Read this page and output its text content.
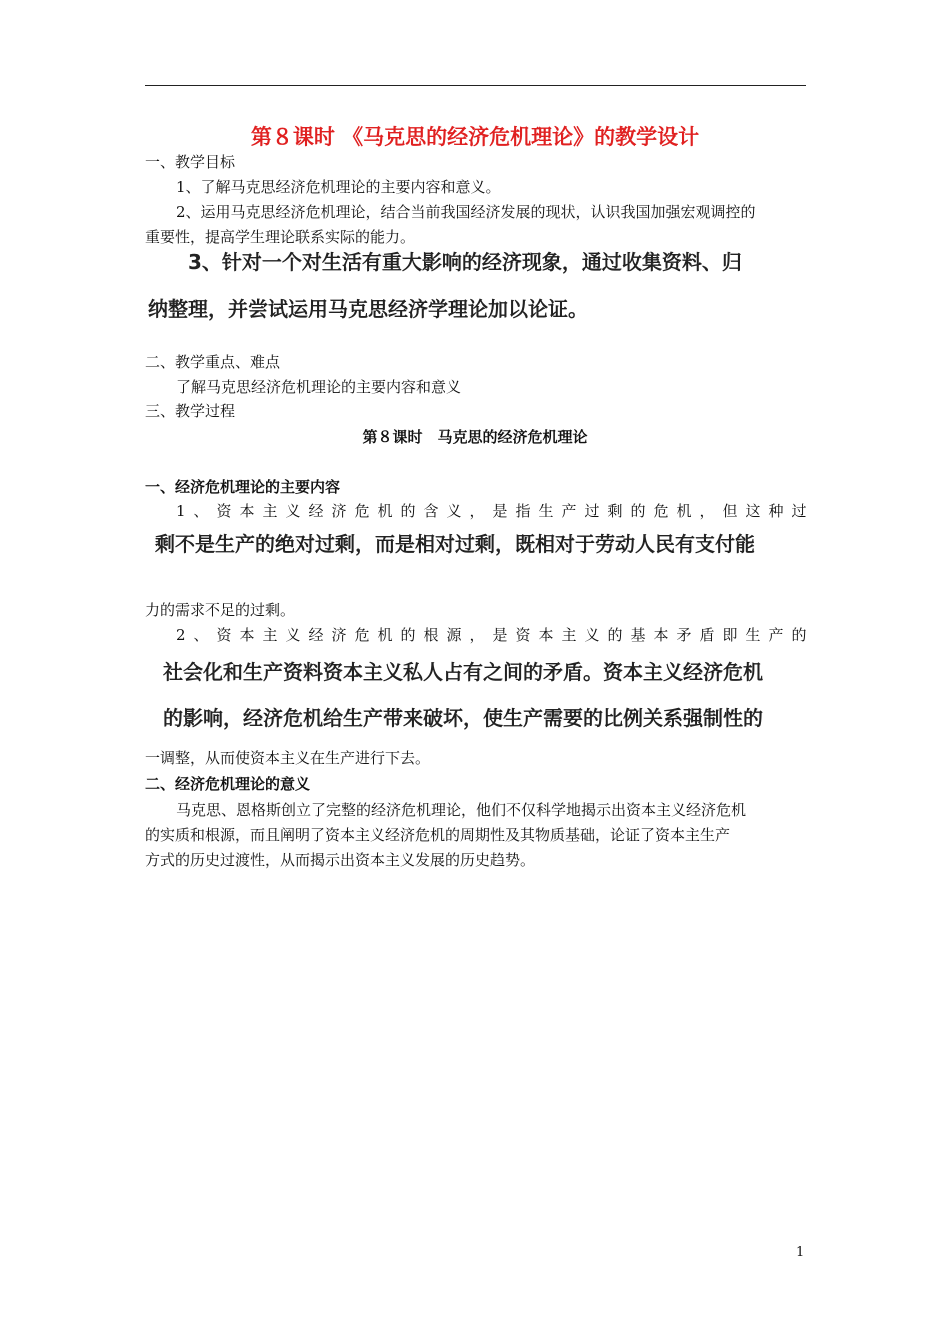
第８课时 《马克思的经济危机理论》的教学设计
一、教学目标
1、了解马克思经济危机理论的主要内容和意义。
2、运用马克思经济危机理论，结合当前我国经济发展的现状，认识我国加强宏观调控的
重要性，提高学生理论联系实际的能力。
3、针对一个对生活有重大影响的经济现象，通过收集资料、归
纳整理，并尝试运用马克思经济学理论加以论证。
二、教学重点、难点
了解马克思经济危机理论的主要内容和意义
三、教学过程
第８课时　马克思的经济危机理论
一、经济危机理论的主要内容
1、资本主义经济危机的含义，是指生产过剩的危机，但这种过
剩不是生产的绝对过剩，而是相对过剩，既相对于劳动人民有支付能
力的需求不足的过剩。
2、资本主义经济危机的根源，是资本主义的基本矛盾即生产的
社会化和生产资料资本主义私人占有之间的矛盾。资本主义经济危机
的影响，经济危机给生产带来破坏，使生产需要的比例关系强制性的
一调整，从而使资本主义在生产进行下去。
二、经济危机理论的意义
马克思、恩格斯创立了完整的经济危机理论，他们不仅科学地揭示出资本主义经济危机
的实质和根源，而且阐明了资本主义经济危机的周期性及其物质基础，论证了资本主生产
方式的历史过渡性，从而揭示出资本主义发展的历史趋势。
1
